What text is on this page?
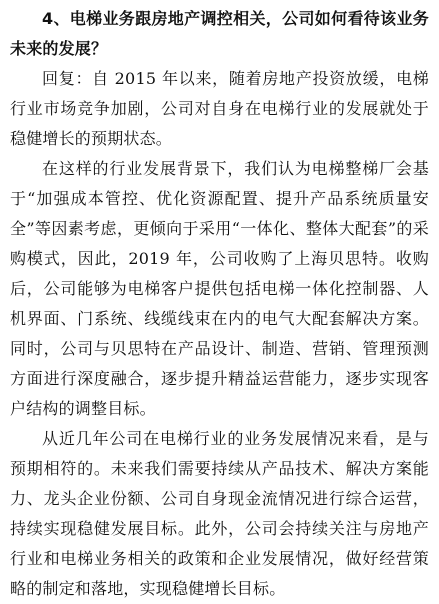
4、电梯业务跟房地产调控相关，公司如何看待该业务未来的发展？

回复：自 2015 年以来，随着房地产投资放缓，电梯行业市场竞争加剧，公司对自身在电梯行业的发展就处于稳健增长的预期状态。

在这样的行业发展背景下，我们认为电梯整梯厂会基于“加强成本管控、优化资源配置、提升产品系统质量安全”等因素考虑，更倾向于采用“一体化、整体大配套”的采购模式，因此，2019 年，公司收购了上海贝思特。收购后，公司能够为电梯客户提供包括电梯一体化控制器、人机界面、门系统、线缆线束在内的电气大配套解决方案。同时，公司与贝思特在产品设计、制造、营销、管理预测方面进行深度融合，逐步提升精益运营能力，逐步实现客户结构的调整目标。

从近几年公司在电梯行业的业务发展情况来看，是与预期相符的。未来我们需要持续从产品技术、解决方案能力、龙头企业份额、公司自身现金流情况进行综合运营，持续实现稳健发展目标。此外，公司会持续关注与房地产行业和电梯业务相关的政策和企业发展情况，做好经营策略的制定和落地，实现稳健增长目标。
